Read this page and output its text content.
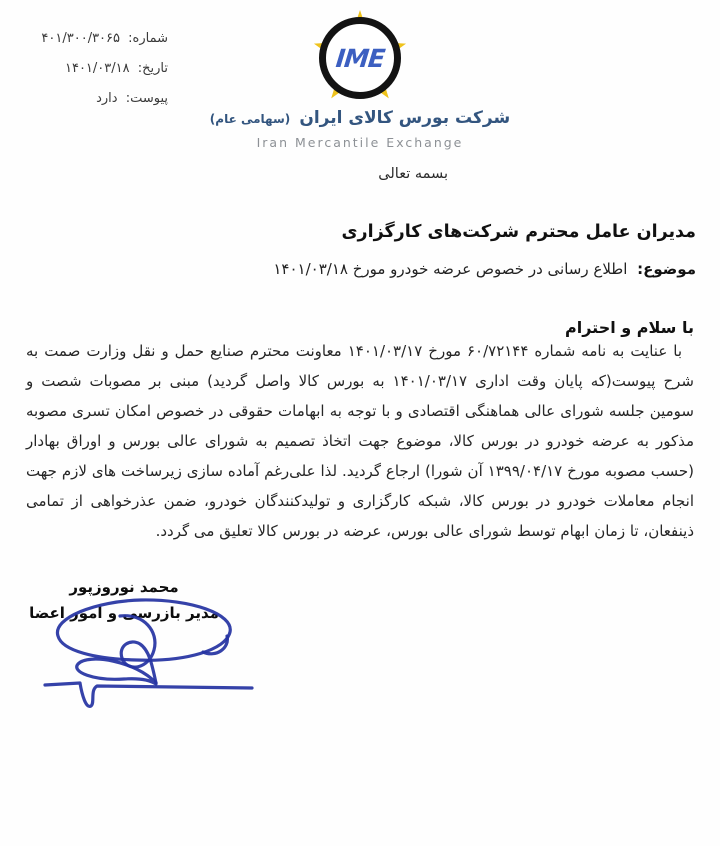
شماره: ۴۰۱/۳۰۰/۳۰۶۵
تاریخ: ۱۴۰۱/۰۳/۱۸
پیوست: دارد
IME
شرکت بورس کالای ایران (سهامی عام)
Iran Mercantile Exchange
بسمه تعالی
مدیران عامل محترم شرکت‌های کارگزاری
موضوع: اطلاع رسانی در خصوص عرضه خودرو مورخ ۱۴۰۱/۰۳/۱۸
با سلام و احترام

با عنایت به نامه شماره ۶۰/۷۲۱۴۴ مورخ ۱۴۰۱/۰۳/۱۷ معاونت محترم صنایع حمل و نقل وزارت صمت به شرح پیوست(که پایان وقت اداری ۱۴۰۱/۰۳/۱۷ به بورس کالا واصل گردید) مبنی بر مصوبات شصت و سومین جلسه شورای عالی هماهنگی اقتصادی و با توجه به ابهامات حقوقی در خصوص امکان تسری مصوبه مذکور به عرضه خودرو در بورس کالا، موضوع جهت اتخاذ تصمیم به شورای عالی بورس و اوراق بهادار (حسب مصوبه مورخ ۱۳۹۹/۰۴/۱۷ آن شورا) ارجاع گردید. لذا علی‌رغم آماده سازی زیرساخت های لازم جهت انجام معاملات خودرو در بورس کالا، شبکه کارگزاری و تولیدکنندگان خودرو، ضمن عذرخواهی از تمامی ذینفعان، تا زمان ابهام توسط شورای عالی بورس، عرضه در بورس کالا تعلیق می گردد.

محمد نوروزپور
مدیر بازرسی و امور اعضا
